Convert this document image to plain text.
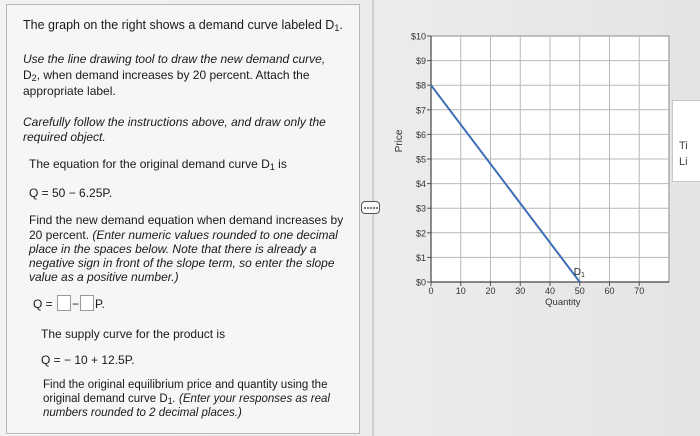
The graph on the right shows a demand curve labeled $D_1$.
Use the line drawing tool to draw the new demand curve,
$D_2$, when demand increases by 20 percent. Attach the
appropriate label.
Carefully follow the instructions above, and draw only the
required object.
The equation for the original demand curve $D_1$ is
Q = 50 − 6.25P.
Find the new demand equation when demand increases by
20 percent. (Enter numeric values rounded to one decimal
place in the spaces below. Note that there is already a
negative sign in front of the slope term, so enter the slope
value as a positive number.)
Q = − P.
The supply curve for the product is
Q = − 10 + 12.5P.
Find the original equilibrium price and quantity using the
original demand curve $D_1$. (Enter your responses as real
numbers rounded to 2 decimal places.)
$0
$1
$2
$3
$4
$5
$6
$7
$8
$9
$10
0 10 20 30 40 50 60 70
Quantity
Price
$D_1$
Ti
Li
